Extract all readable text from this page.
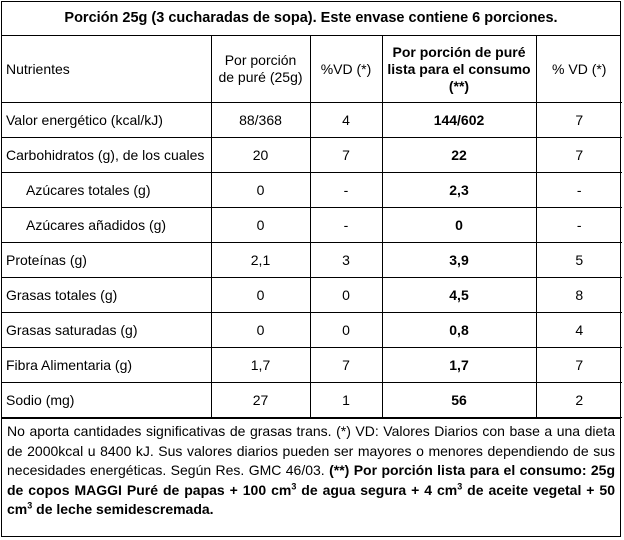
Porción 25g (3 cucharadas de sopa). Este envase contiene 6 porciones.
Nutrientes	Por porción de puré (25g)	%VD (*)	Por porción de puré lista para el consumo (**)	% VD (*)
Valor energético (kcal/kJ)	88/368	4	144/602	7
Carbohidratos (g), de los cuales	20	7	22	7
Azúcares totales (g)	0	-	2,3	-
Azúcares añadidos (g)	0	-	0	-
Proteínas (g)	2,1	3	3,9	5
Grasas totales (g)	0	0	4,5	8
Grasas saturadas (g)	0	0	0,8	4
Fibra Alimentaria (g)	1,7	7	1,7	7
Sodio (mg)	27	1	56	2
No aporta cantidades significativas de grasas trans. (*) VD: Valores Diarios con base a una dieta de 2000kcal u 8400 kJ. Sus valores diarios pueden ser mayores o menores dependiendo de sus necesidades energéticas. Según Res. GMC 46/03. (**) Por porción lista para el consumo: 25g de copos MAGGI Puré de papas + 100 $cm^3$ de agua segura + 4 $cm^3$ de aceite vegetal + 50 $cm^3$ de leche semidescremada.
